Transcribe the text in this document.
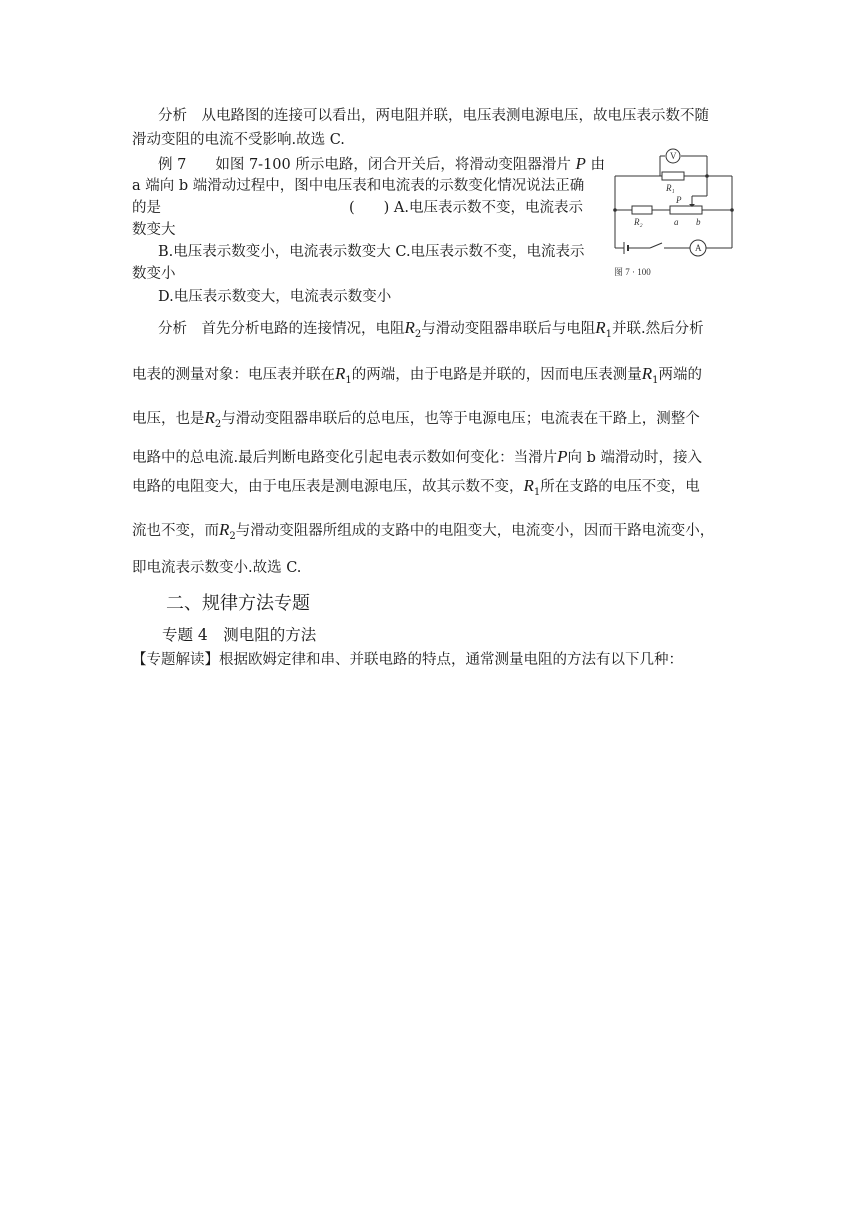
分析　从电路图的连接可以看出，两电阻并联，电压表测电源电压，故电压表示数不随
滑动变阻的电流不受影响.故选 C.
例 7　　如图 7-100 所示电路，闭合开关后，将滑动变阻器滑片 P 由
a 端向 b 端滑动过程中，图中电压表和电流表的示数变化情况说法正确
的是	(　　) A.电压表示数不变，电流表示
数变大
B.电压表示数变小，电流表示数变大 C.电压表示数不变，电流表示
数变小
D.电压表示数变大，电流表示数变小
V
A
R₁
R₂
P
a b
图 7 · 100
分析　首先分析电路的连接情况，电阻$R_2$与滑动变阻器串联后与电阻$R_1$并联.然后分析
电表的测量对象：电压表并联在$R_1$的两端，由于电路是并联的，因而电压表测量$R_1$两端的
电压，也是$R_2$与滑动变阻器串联后的总电压，也等于电源电压；电流表在干路上，测整个
电路中的总电流.最后判断电路变化引起电表示数如何变化：当滑片P向 b 端滑动时，接入
电路的电阻变大，由于电压表是测电源电压，故其示数不变，$R_1$所在支路的电压不变，电
流也不变，而$R_2$与滑动变阻器所组成的支路中的电阻变大，电流变小，因而干路电流变小，
即电流表示数变小.故选 C.
二、规律方法专题
专题 4　测电阻的方法
【专题解读】根据欧姆定律和串、并联电路的特点，通常测量电阻的方法有以下几种：
